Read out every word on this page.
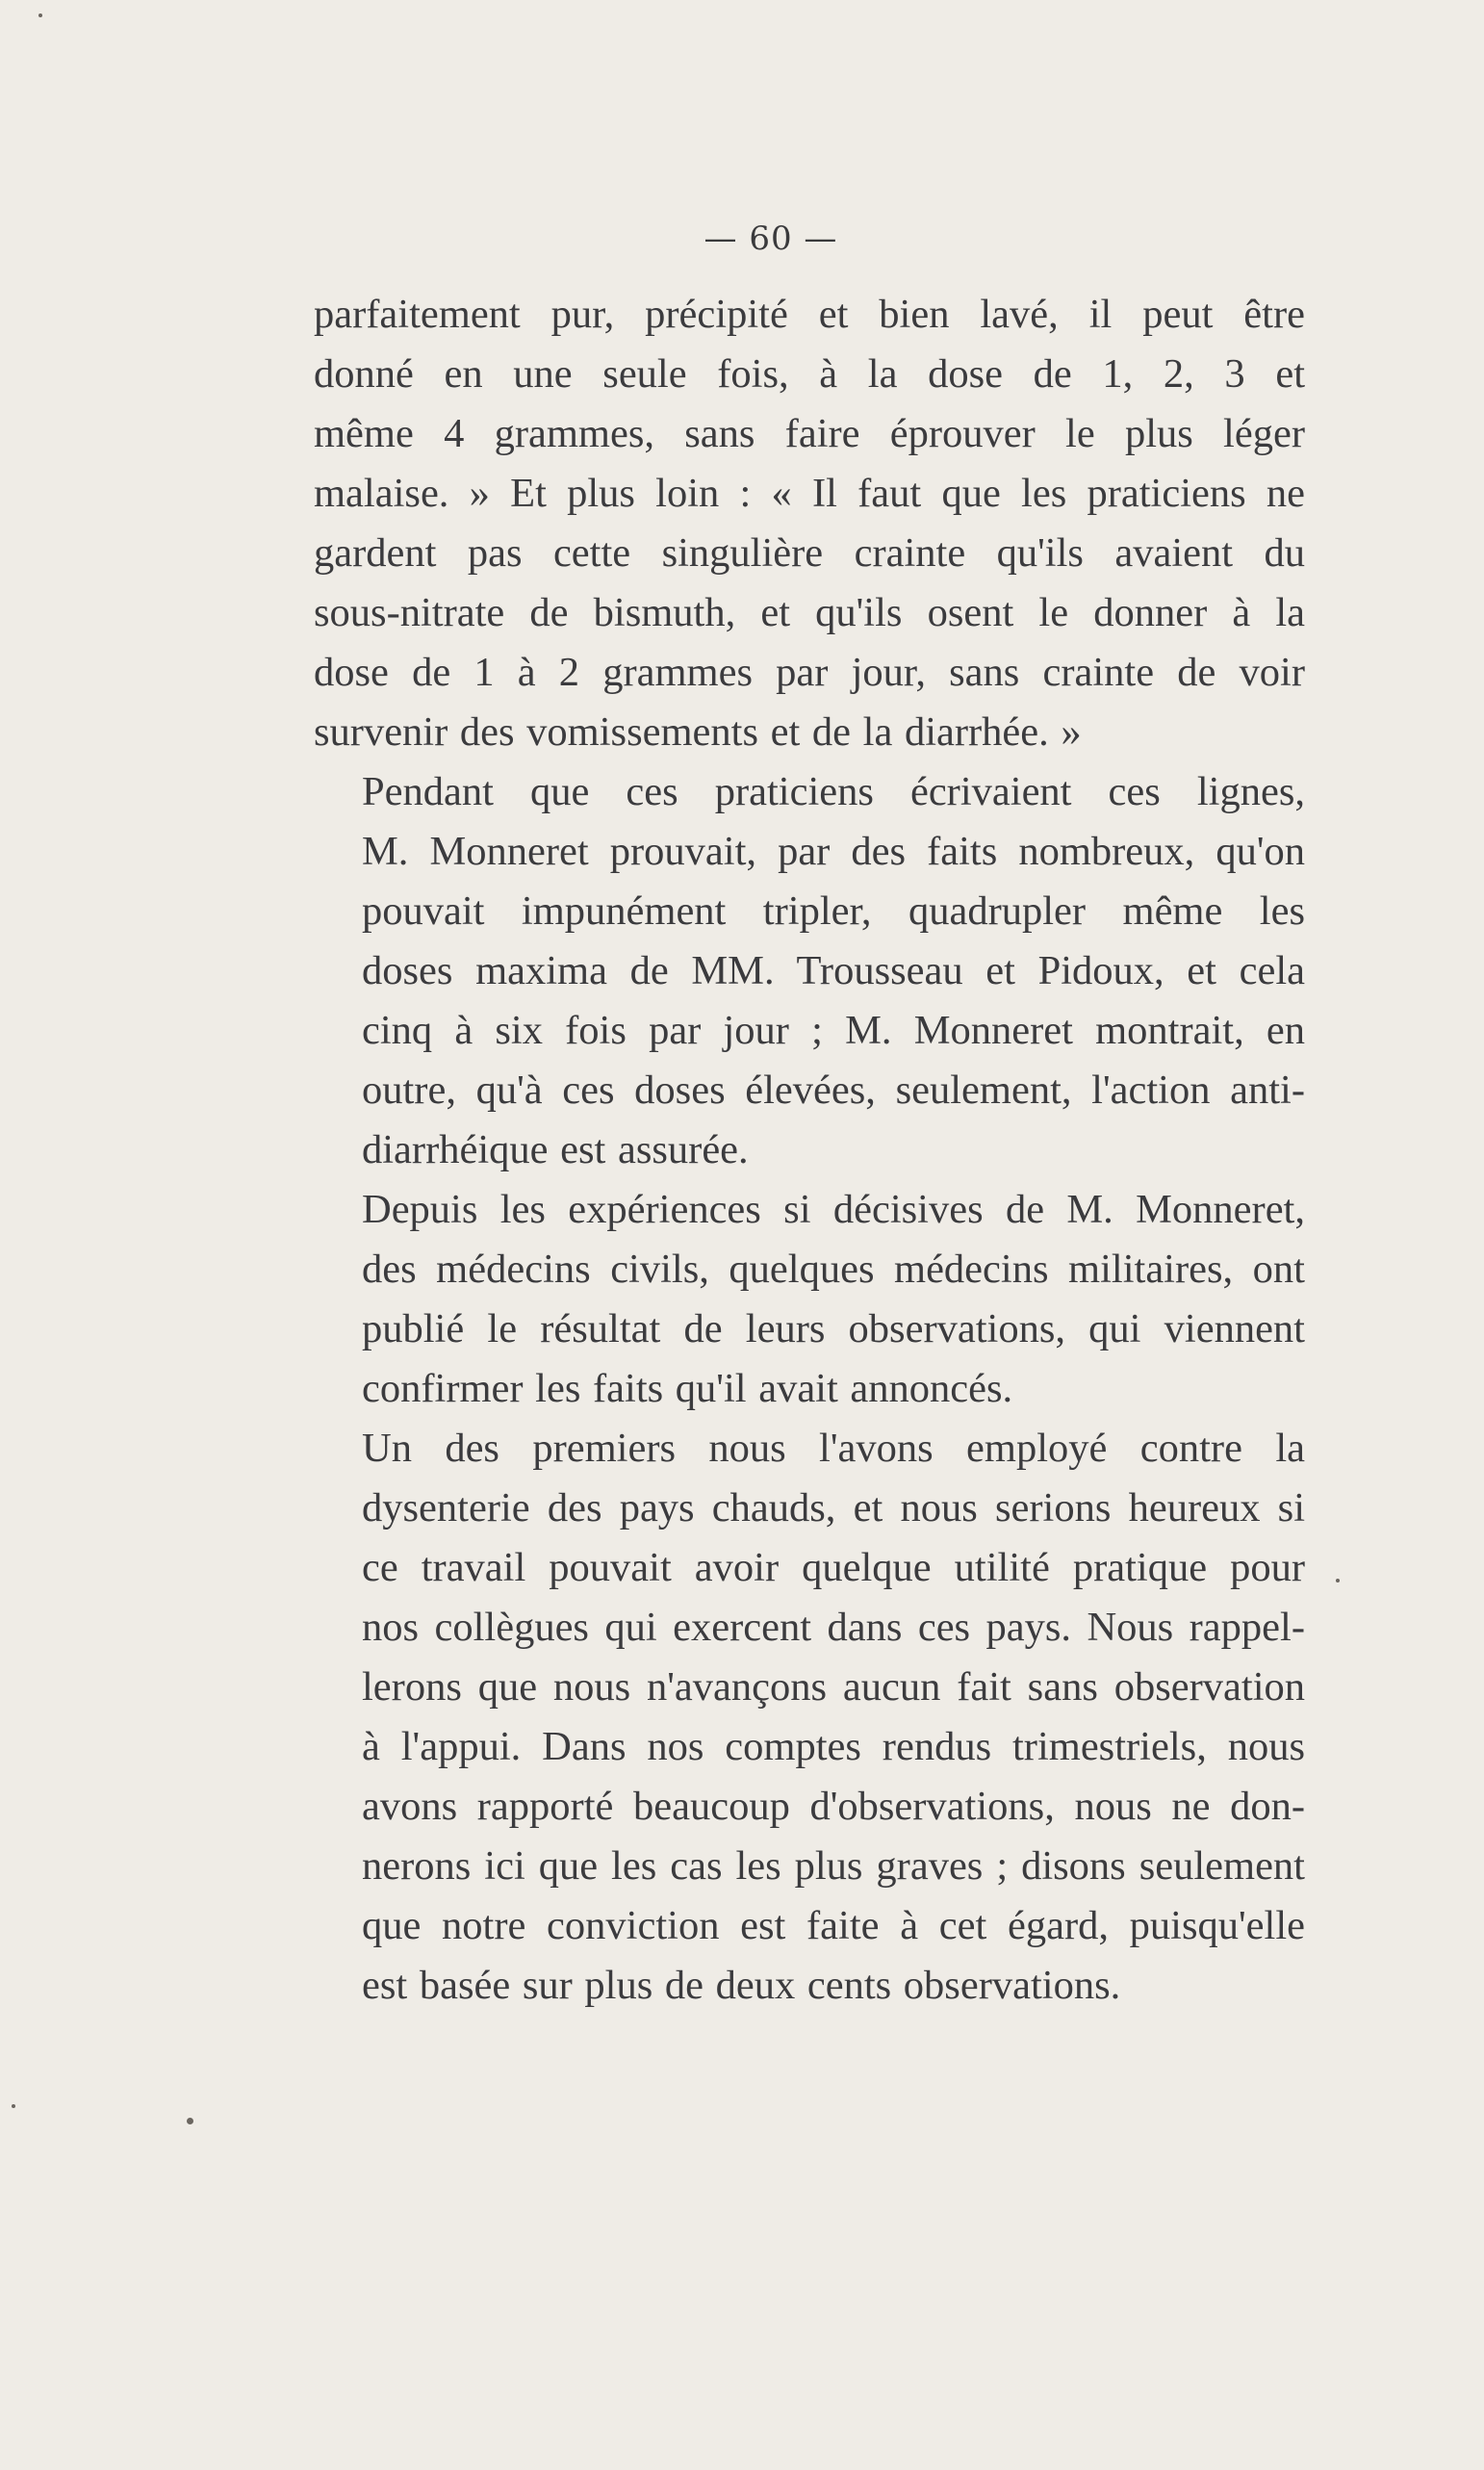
— 60 —

parfaitement pur, précipité et bien lavé, il peut être
donné en une seule fois, à la dose de 1, 2, 3 et
même 4 grammes, sans faire éprouver le plus léger
malaise. » Et plus loin : « Il faut que les praticiens ne
gardent pas cette singulière crainte qu'ils avaient du
sous-nitrate de bismuth, et qu'ils osent le donner à la
dose de 1 à 2 grammes par jour, sans crainte de voir
survenir des vomissements et de la diarrhée. »

Pendant que ces praticiens écrivaient ces lignes,
M. Monneret prouvait, par des faits nombreux, qu'on
pouvait impunément tripler, quadrupler même les
doses maxima de MM. Trousseau et Pidoux, et cela
cinq à six fois par jour ; M. Monneret montrait, en
outre, qu'à ces doses élevées, seulement, l'action anti-
diarrhéique est assurée.

Depuis les expériences si décisives de M. Monneret,
des médecins civils, quelques médecins militaires, ont
publié le résultat de leurs observations, qui viennent
confirmer les faits qu'il avait annoncés.

Un des premiers nous l'avons employé contre la
dysenterie des pays chauds, et nous serions heureux si
ce travail pouvait avoir quelque utilité pratique pour
nos collègues qui exercent dans ces pays. Nous rappel-
lerons que nous n'avançons aucun fait sans observation
à l'appui. Dans nos comptes rendus trimestriels, nous
avons rapporté beaucoup d'observations, nous ne don-
nerons ici que les cas les plus graves ; disons seulement
que notre conviction est faite à cet égard, puisqu'elle
est basée sur plus de deux cents observations.
